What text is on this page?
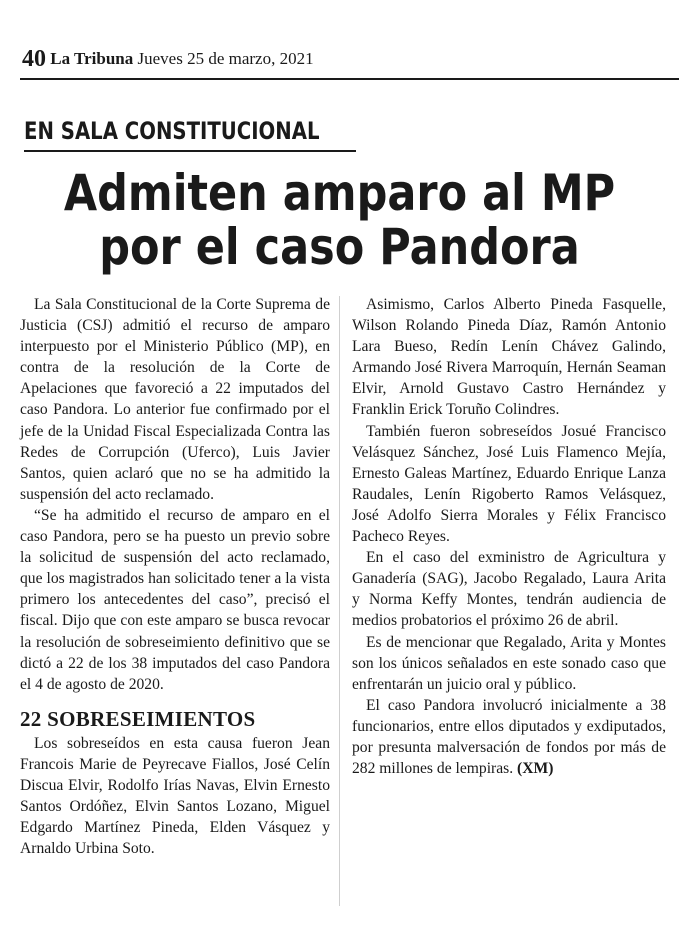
40 La Tribuna Jueves 25 de marzo, 2021
EN SALA CONSTITUCIONAL
Admiten amparo al MP
por el caso Pandora

La Sala Constitucional de la Corte Suprema de Justicia (CSJ) admitió el recurso de amparo interpuesto por el Ministerio Público (MP), en contra de la resolución de la Corte de Apelaciones que favoreció a 22 imputados del caso Pandora. Lo anterior fue confirmado por el jefe de la Unidad Fiscal Especializada Contra las Redes de Corrupción (Uferco), Luis Javier Santos, quien aclaró que no se ha admitido la suspensión del acto reclamado.

“Se ha admitido el recurso de amparo en el caso Pandora, pero se ha puesto un previo sobre la solicitud de suspensión del acto reclamado, que los magistrados han solicitado tener a la vista primero los antecedentes del caso”, precisó el fiscal. Dijo que con este amparo se busca revocar la resolución de sobreseimiento definitivo que se dictó a 22 de los 38 imputados del caso Pandora el 4 de agosto de 2020.

22 SOBRESEIMIENTOS

Los sobreseídos en esta causa fueron Jean Francois Marie de Peyrecave Fiallos, José Celín Discua Elvir, Rodolfo Irías Navas, Elvin Ernesto Santos Ordóñez, Elvin Santos Lozano, Miguel Edgardo Martínez Pineda, Elden Vásquez y Arnaldo Urbina Soto.

Asimismo, Carlos Alberto Pineda Fasquelle, Wilson Rolando Pineda Díaz, Ramón Antonio Lara Bueso, Redín Lenín Chávez Galindo, Armando José Rivera Marroquín, Hernán Seaman Elvir, Arnold Gustavo Castro Hernández y Franklin Erick Toruño Colindres.

También fueron sobreseídos Josué Francisco Velásquez Sánchez, José Luis Flamenco Mejía, Ernesto Galeas Martínez, Eduardo Enrique Lanza Raudales, Lenín Rigoberto Ramos Velásquez, José Adolfo Sierra Morales y Félix Francisco Pacheco Reyes.

En el caso del exministro de Agricultura y Ganadería (SAG), Jacobo Regalado, Laura Arita y Norma Keffy Montes, tendrán audiencia de medios probatorios el próximo 26 de abril.

Es de mencionar que Regalado, Arita y Montes son los únicos señalados en este sonado caso que enfrentarán un juicio oral y público.

El caso Pandora involucró inicialmente a 38 funcionarios, entre ellos diputados y exdiputados, por presunta malversación de fondos por más de 282 millones de lempiras. (XM)
